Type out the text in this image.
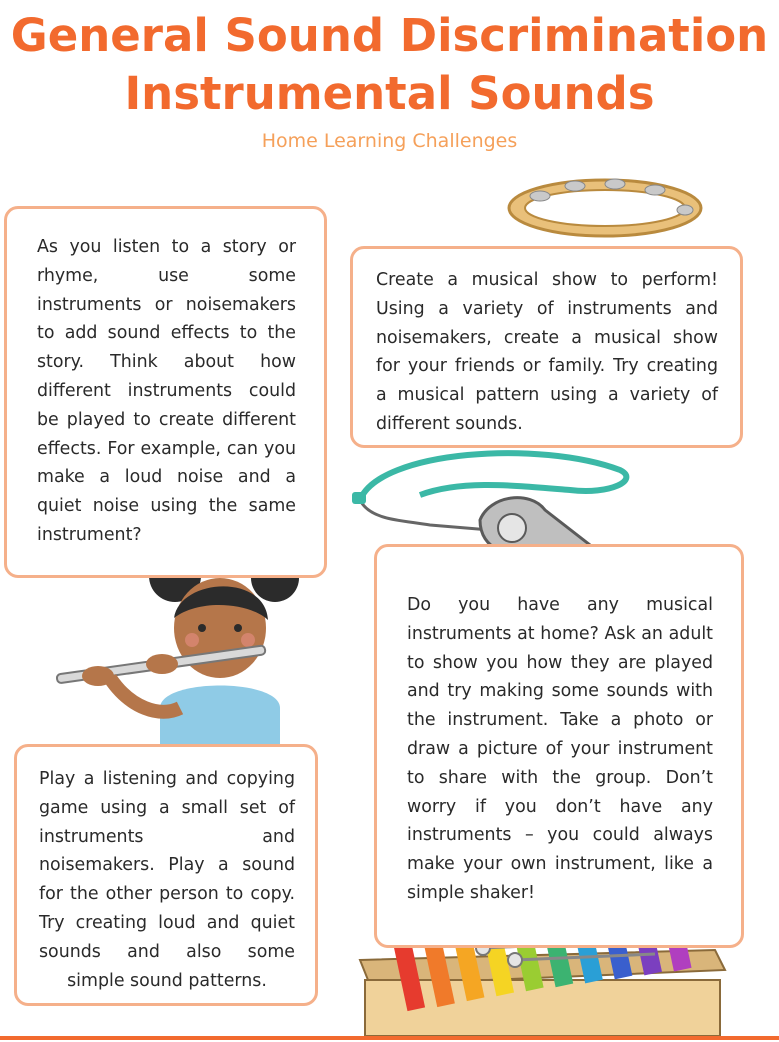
General Sound Discrimination
Instrumental Sounds
Home Learning Challenges

As you listen to a story or rhyme, use some instruments or noisemakers to add sound effects to the story. Think about how different instruments could be played to create different effects. For example, can you make a loud noise and a quiet noise using the same instrument?

Create a musical show to perform! Using a variety of instruments and noisemakers, create a musical show for your friends or family. Try creating a musical pattern using a variety of different sounds.

Do you have any musical instruments at home? Ask an adult to show you how they are played and try making some sounds with the instrument. Take a photo or draw a picture of your instrument to share with the group. Don’t worry if you don’t have any instruments – you could always make your own instrument, like a simple shaker!

Play a listening and copying game using a small set of instruments and noisemakers. Play a sound for the other person to copy. Try creating loud and quiet sounds and also some simple sound patterns.
